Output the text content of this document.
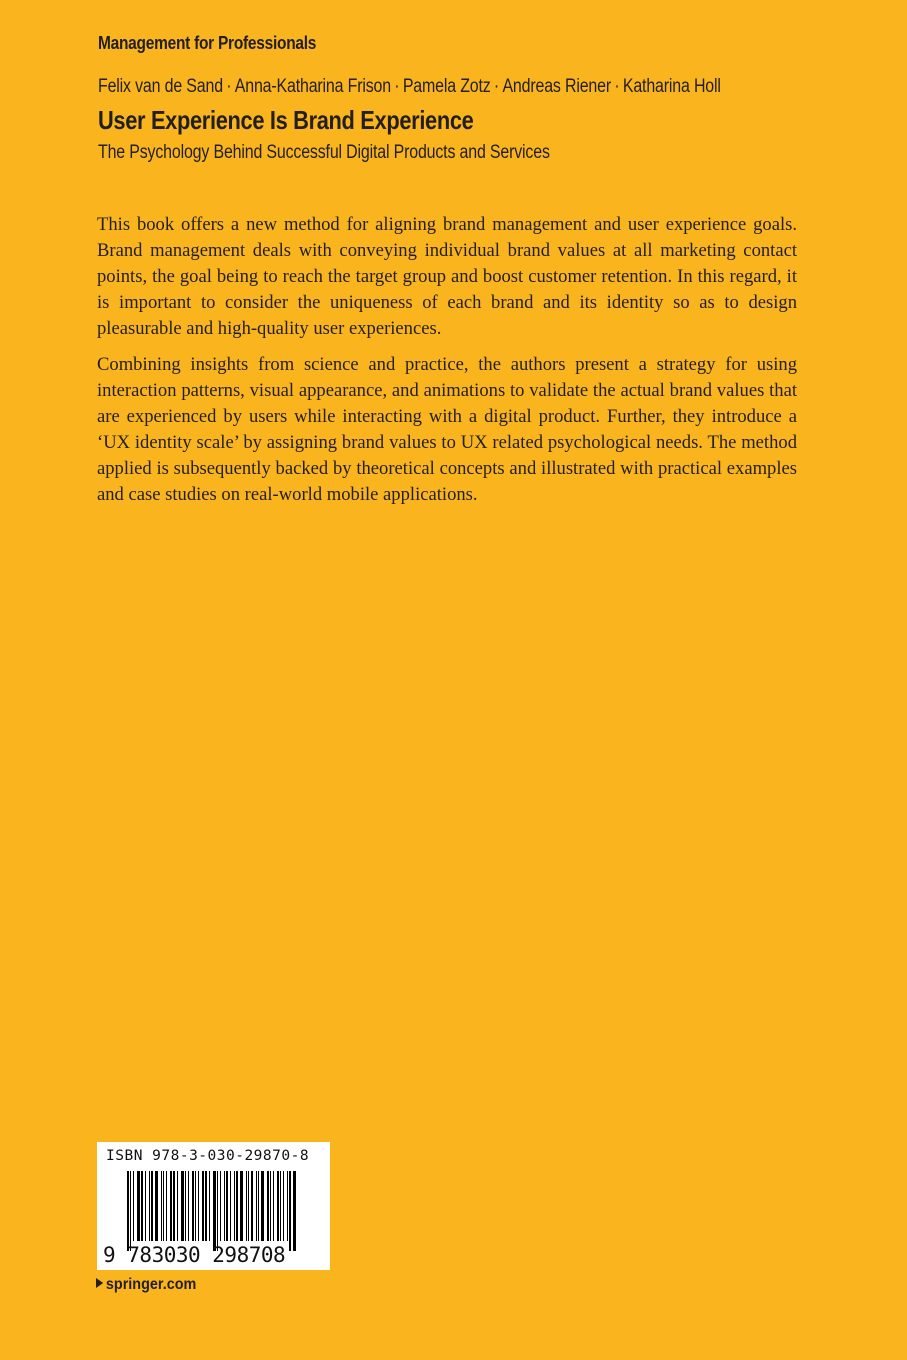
Management for Professionals
Felix van de Sand · Anna-Katharina Frison · Pamela Zotz · Andreas Riener · Katharina Holl
User Experience Is Brand Experience
The Psychology Behind Successful Digital Products and Services

This book offers a new method for aligning brand management and user experience goals. Brand management deals with conveying individual brand values at all marketing contact points, the goal being to reach the target group and boost customer retention. In this regard, it is important to consider the uniqueness of each brand and its identity so as to design pleasurable and high-quality user experiences.

Combining insights from science and practice, the authors present a strategy for using interaction patterns, visual appearance, and animations to validate the actual brand values that are experienced by users while interacting with a digital product. Further, they introduce a ‘UX identity scale’ by assigning brand values to UX related psychological needs. The method applied is subsequently backed by theoretical concepts and illustrated with practical examples and case studies on real-world mobile applications.

ISBN 978-3-030-29870-8
9 783030 298708
springer.com
